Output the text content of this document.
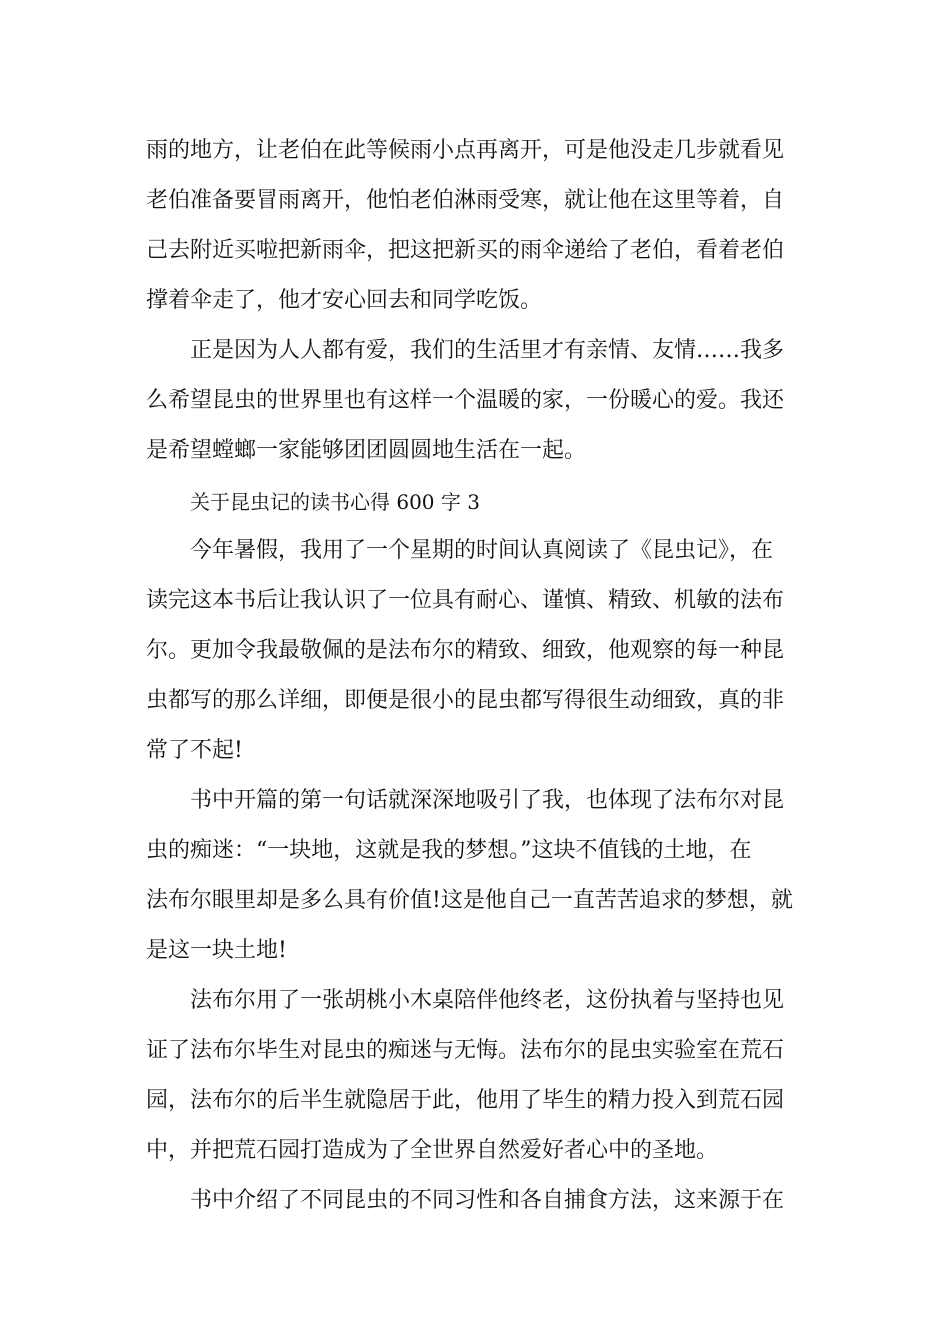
雨的地方，让老伯在此等候雨小点再离开，可是他没走几步就看见

老伯准备要冒雨离开，他怕老伯淋雨受寒，就让他在这里等着，自

己去附近买啦把新雨伞，把这把新买的雨伞递给了老伯，看着老伯

撑着伞走了，他才安心回去和同学吃饭。

正是因为人人都有爱，我们的生活里才有亲情、友情……我多

么希望昆虫的世界里也有这样一个温暖的家，一份暖心的爱。我还

是希望螳螂一家能够团团圆圆地生活在一起。

关于昆虫记的读书心得 600 字 3

今年暑假，我用了一个星期的时间认真阅读了《昆虫记》，在

读完这本书后让我认识了一位具有耐心、谨慎、精致、机敏的法布

尔。更加令我最敬佩的是法布尔的精致、细致，他观察的每一种昆

虫都写的那么详细，即便是很小的昆虫都写得很生动细致，真的非

常了不起!

书中开篇的第一句话就深深地吸引了我，也体现了法布尔对昆

虫的痴迷：“一块地，这就是我的梦想。”这块不值钱的土地，在

法布尔眼里却是多么具有价值!这是他自己一直苦苦追求的梦想，就

是这一块土地!

法布尔用了一张胡桃小木桌陪伴他终老，这份执着与坚持也见

证了法布尔毕生对昆虫的痴迷与无悔。法布尔的昆虫实验室在荒石

园，法布尔的后半生就隐居于此，他用了毕生的精力投入到荒石园

中，并把荒石园打造成为了全世界自然爱好者心中的圣地。

书中介绍了不同昆虫的不同习性和各自捕食方法，这来源于在
